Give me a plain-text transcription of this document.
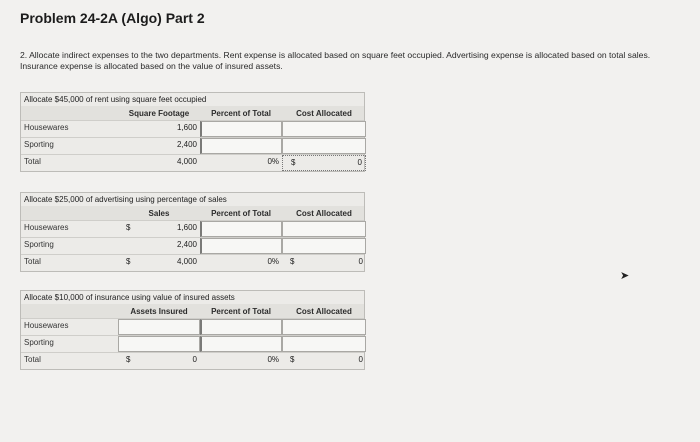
Problem 24-2A (Algo) Part 2
2. Allocate indirect expenses to the two departments. Rent expense is allocated based on square feet occupied. Advertising expense is allocated based on total sales. Insurance expense is allocated based on the value of insured assets.
Allocate $45,000 of rent using square feet occupied
Square Footage	Percent of Total	Cost Allocated
Housewares	1,600
Sporting	2,400
Total	4,000	0%	$	0
Allocate $25,000 of advertising using percentage of sales
Sales	Percent of Total	Cost Allocated
Housewares	$	1,600
Sporting	2,400
Total	$	4,000	0%	$	0
Allocate $10,000 of insurance using value of insured assets
Assets Insured	Percent of Total	Cost Allocated
Housewares
Sporting
Total	$	0	0%	$	0
➤
